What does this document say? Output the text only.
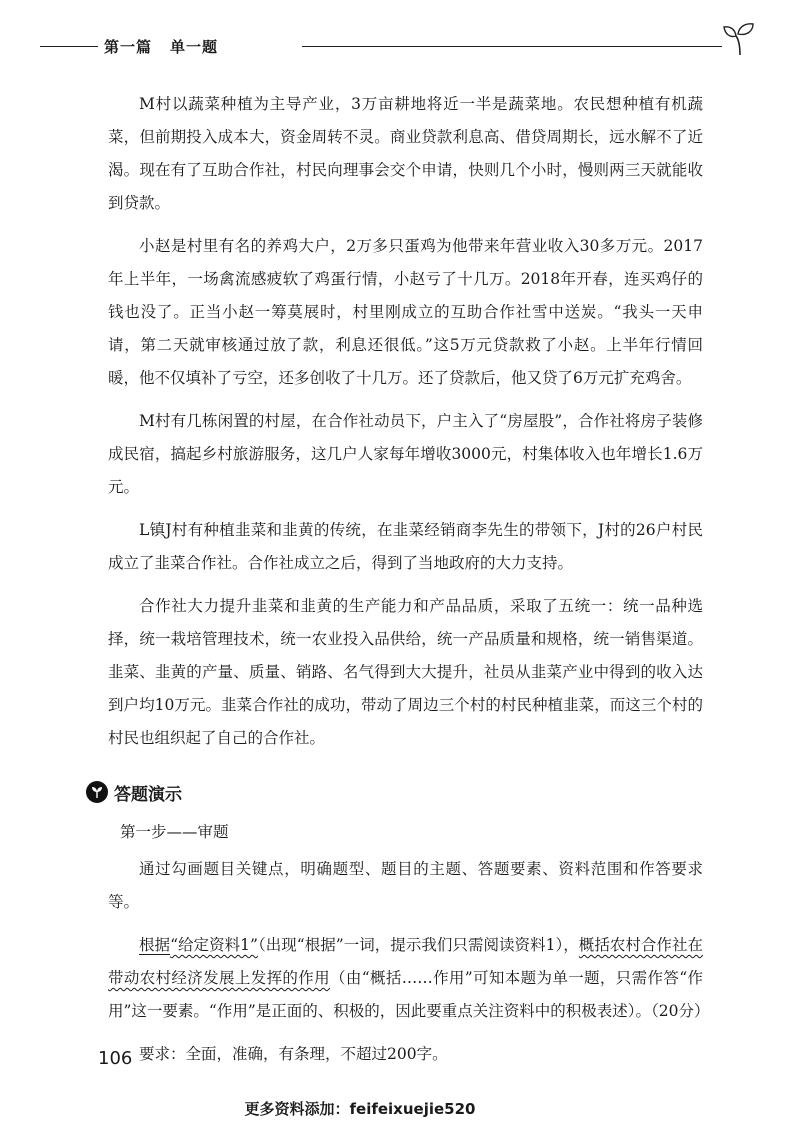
第一篇 单一题

M村以蔬菜种植为主导产业，3万亩耕地将近一半是蔬菜地。农民想种植有机蔬菜，但前期投入成本大，资金周转不灵。商业贷款利息高、借贷周期长，远水解不了近渴。现在有了互助合作社，村民向理事会交个申请，快则几个小时，慢则两三天就能收到贷款。

小赵是村里有名的养鸡大户，2万多只蛋鸡为他带来年营业收入30多万元。2017年上半年，一场禽流感疲软了鸡蛋行情，小赵亏了十几万。2018年开春，连买鸡仔的钱也没了。正当小赵一筹莫展时，村里刚成立的互助合作社雪中送炭。“我头一天申请，第二天就审核通过放了款，利息还很低。”这5万元贷款救了小赵。上半年行情回暖，他不仅填补了亏空，还多创收了十几万。还了贷款后，他又贷了6万元扩充鸡舍。

M村有几栋闲置的村屋，在合作社动员下，户主入了“房屋股”，合作社将房子装修成民宿，搞起乡村旅游服务，这几户人家每年增收3000元，村集体收入也年增长1.6万元。

L镇J村有种植韭菜和韭黄的传统，在韭菜经销商李先生的带领下，J村的26户村民成立了韭菜合作社。合作社成立之后，得到了当地政府的大力支持。

合作社大力提升韭菜和韭黄的生产能力和产品品质，采取了五统一：统一品种选择，统一栽培管理技术，统一农业投入品供给，统一产品质量和规格，统一销售渠道。韭菜、韭黄的产量、质量、销路、名气得到大大提升，社员从韭菜产业中得到的收入达到户均10万元。韭菜合作社的成功，带动了周边三个村的村民种植韭菜，而这三个村的村民也组织起了自己的合作社。

答题演示
第一步——审题

通过勾画题目关键点，明确题型、题目的主题、答题要素、资料范围和作答要求等。

根据“给定资料1”（出现“根据”一词，提示我们只需阅读资料1），概括农村合作社在带动农村经济发展上发挥的作用（由“概括……作用”可知本题为单一题，只需作答“作用”这一要素。“作用”是正面的、积极的，因此要重点关注资料中的积极表述）。（20分）

要求：全面，准确，有条理，不超过200字。

106
更多资料添加：feifeixuejie520
